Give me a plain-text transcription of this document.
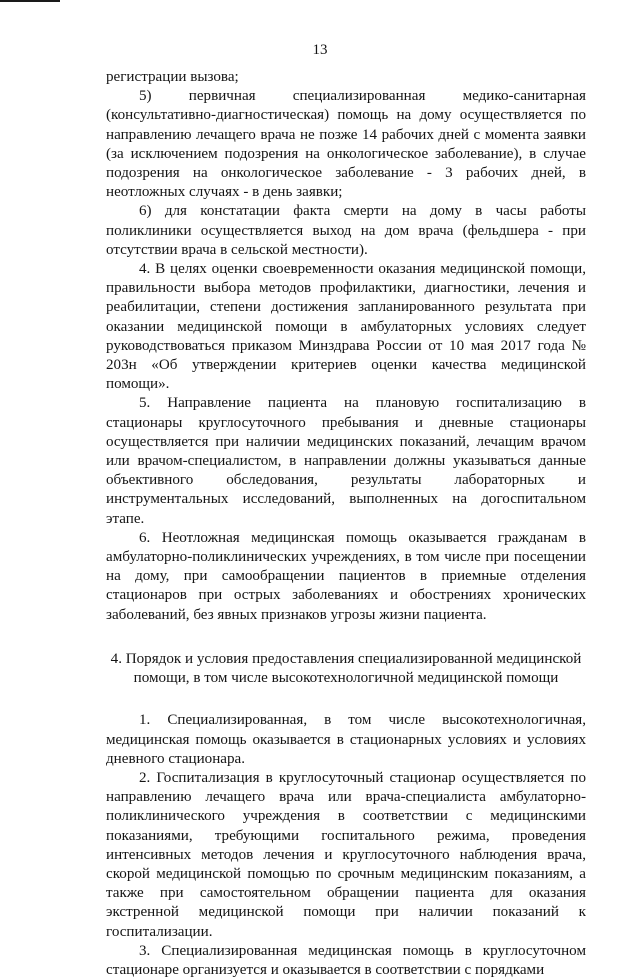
13

регистрации вызова;

5) первичная специализированная медико-санитарная (консультативно-диагностическая) помощь на дому осуществляется по направлению лечащего врача не позже 14 рабочих дней с момента заявки (за исключением подозрения на онкологическое заболевание), в случае подозрения на онкологическое заболевание - 3 рабочих дней, в неотложных случаях - в день заявки;

6) для констатации факта смерти на дому в часы работы поликлиники осуществляется выход на дом врача (фельдшера - при отсутствии врача в сельской местности).

4. В целях оценки своевременности оказания медицинской помощи, правильности выбора методов профилактики, диагностики, лечения и реабилитации, степени достижения запланированного результата при оказании медицинской помощи в амбулаторных условиях следует руководствоваться приказом Минздрава России от 10 мая 2017 года № 203н «Об утверждении критериев оценки качества медицинской помощи».

5. Направление пациента на плановую госпитализацию в стационары круглосуточного пребывания и дневные стационары осуществляется при наличии медицинских показаний, лечащим врачом или врачом-специалистом, в направлении должны указываться данные объективного обследования, результаты лабораторных и инструментальных исследований, выполненных на догоспитальном этапе.

6. Неотложная медицинская помощь оказывается гражданам в амбулаторно-поликлинических учреждениях, в том числе при посещении на дому, при самообращении пациентов в приемные отделения стационаров при острых заболеваниях и обострениях хронических заболеваний, без явных признаков угрозы жизни пациента.

4. Порядок и условия предоставления специализированной медицинской
помощи, в том числе высокотехнологичной медицинской помощи

1. Специализированная, в том числе высокотехнологичная, медицинская помощь оказывается в стационарных условиях и условиях дневного стационара.

2. Госпитализация в круглосуточный стационар осуществляется по направлению лечащего врача или врача-специалиста амбулаторно-поликлинического учреждения в соответствии с медицинскими показаниями, требующими госпитального режима, проведения интенсивных методов лечения и круглосуточного наблюдения врача, скорой медицинской помощью по срочным медицинским показаниям, а также при самостоятельном обращении пациента для оказания экстренной медицинской помощи при наличии показаний к госпитализации.

3. Специализированная медицинская помощь в круглосуточном стационаре организуется и оказывается в соответствии с порядками
